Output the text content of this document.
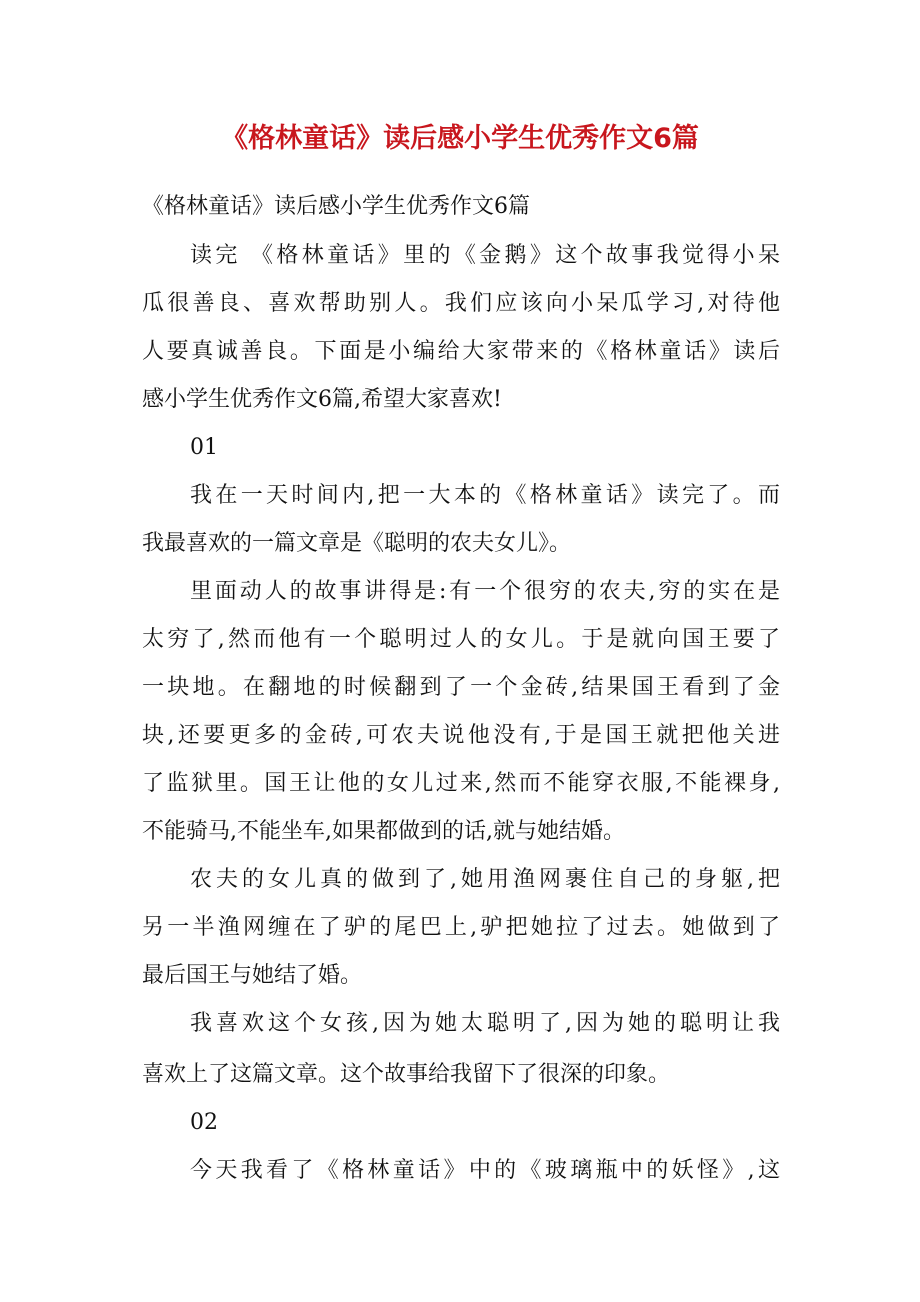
《格林童话》读后感小学生优秀作文6篇
《格林童话》读后感小学生优秀作文6篇
读完 《格林童话》里的《金鹅》这个故事我觉得小呆
瓜很善良、喜欢帮助别人。我们应该向小呆瓜学习,对待他
人要真诚善良。下面是小编给大家带来的《格林童话》读后
感小学生优秀作文6篇,希望大家喜欢!
01
我在一天时间内,把一大本的《格林童话》读完了。而
我最喜欢的一篇文章是《聪明的农夫女儿》。
里面动人的故事讲得是:有一个很穷的农夫,穷的实在是
太穷了,然而他有一个聪明过人的女儿。于是就向国王要了
一块地。在翻地的时候翻到了一个金砖,结果国王看到了金
块,还要更多的金砖,可农夫说他没有,于是国王就把他关进
了监狱里。国王让他的女儿过来,然而不能穿衣服,不能裸身,
不能骑马,不能坐车,如果都做到的话,就与她结婚。
农夫的女儿真的做到了,她用渔网裹住自己的身躯,把
另一半渔网缠在了驴的尾巴上,驴把她拉了过去。她做到了
最后国王与她结了婚。
我喜欢这个女孩,因为她太聪明了,因为她的聪明让我
喜欢上了这篇文章。这个故事给我留下了很深的印象。
02
今天我看了《格林童话》中的《玻璃瓶中的妖怪》,这
